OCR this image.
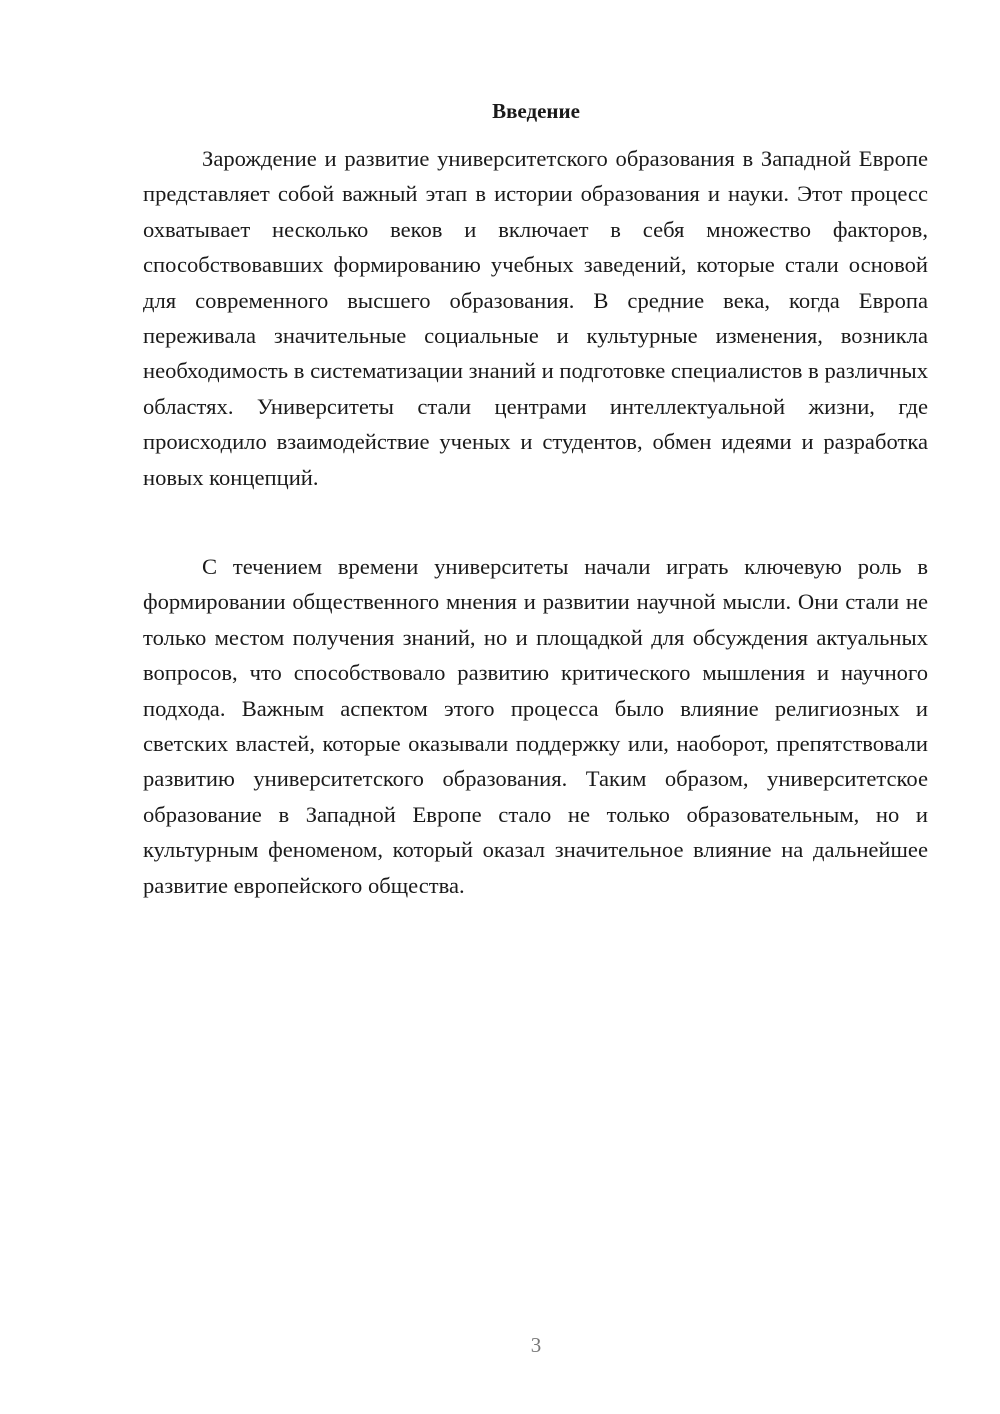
Введение

Зарождение и развитие университетского образования в Западной Европе представляет собой важный этап в истории образования и науки. Этот процесс охватывает несколько веков и включает в себя множество факторов, способствовавших формированию учебных заведений, которые стали основой для современного высшего образования. В средние века, когда Европа переживала значительные социальные и культурные изменения, возникла необходимость в систематизации знаний и подготовке специалистов в различных областях. Университеты стали центрами интеллектуальной жизни, где происходило взаимодействие ученых и студентов, обмен идеями и разработка новых концепций.

С течением времени университеты начали играть ключевую роль в формировании общественного мнения и развитии научной мысли. Они стали не только местом получения знаний, но и площадкой для обсуждения актуальных вопросов, что способствовало развитию критического мышления и научного подхода. Важным аспектом этого процесса было влияние религиозных и светских властей, которые оказывали поддержку или, наоборот, препятствовали развитию университетского образования. Таким образом, университетское образование в Западной Европе стало не только образовательным, но и культурным феноменом, который оказал значительное влияние на дальнейшее развитие европейского общества.

3
